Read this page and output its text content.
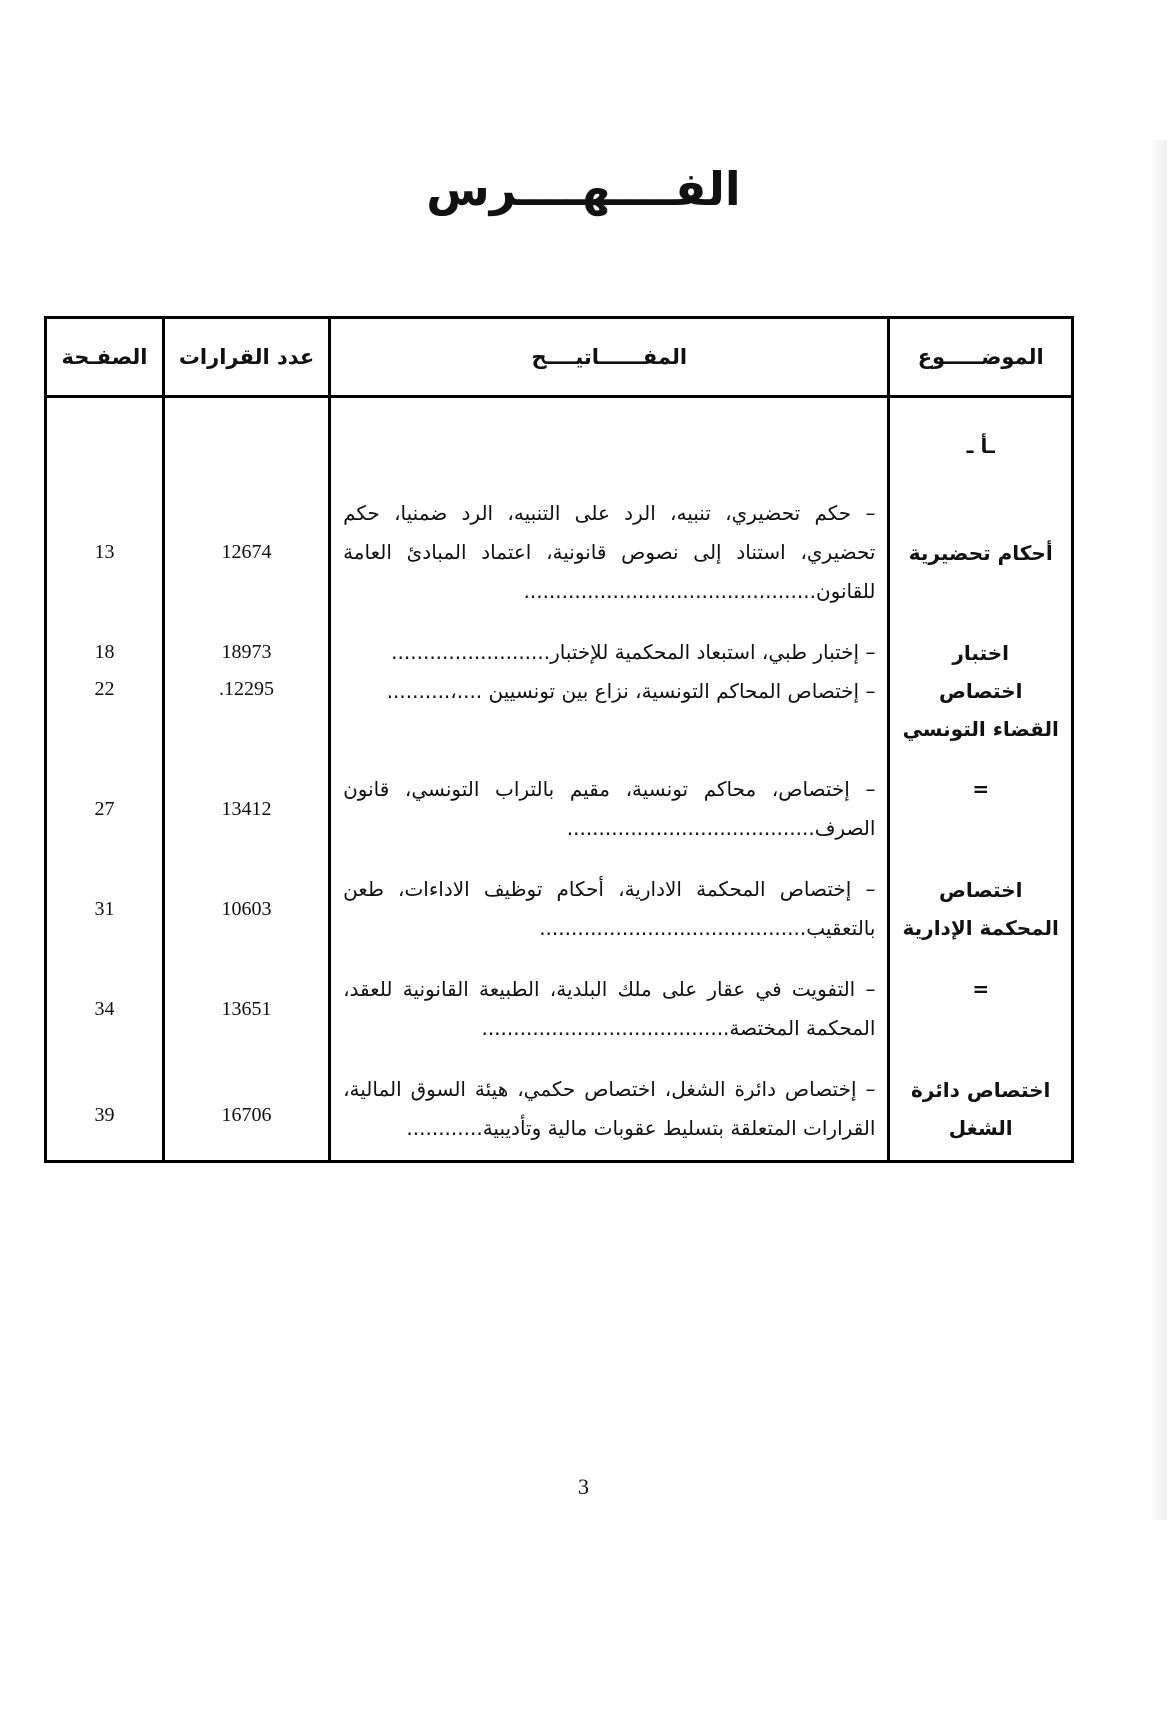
الفــــهــــرس
الموضـــــوع	المفــــــاتيــــح	عدد القرارات	الصفـحة
ـأ ـ			
أحكام تحضيرية	– حكم تحضيري، تنبيه، الرد على التنبيه، الرد ضمنيا، حكم تحضيري، استناد إلى نصوص قانونية، اعتماد المبادئ العامة للقانون..............................................	12674	13

اختبار	– إختبار طبي، استبعاد المحكمية للإختبار.........................	18973	18
اختصاص القضاء التونسي	– إختصاص المحاكم التونسية، نزاع بين تونسيين ....،..........	12295.	22

=	– إختصاص، محاكم تونسية، مقيم بالتراب التونسي، قانون الصرف.......................................	13412	27

اختصاص المحكمة الإدارية	– إختصاص المحكمة الادارية، أحكام توظيف الاداءات، طعن بالتعقيب..........................................	10603	31

=	– التفويت في عقار على ملك البلدية، الطبيعة القانونية للعقد، المحكمة المختصة.......................................	13651	34

اختصاص دائرة الشغل	– إختصاص دائرة الشغل، اختصاص حكمي، هيئة السوق المالية، القرارات المتعلقة بتسليط عقوبات مالية وتأديبية............	16706	39
3
